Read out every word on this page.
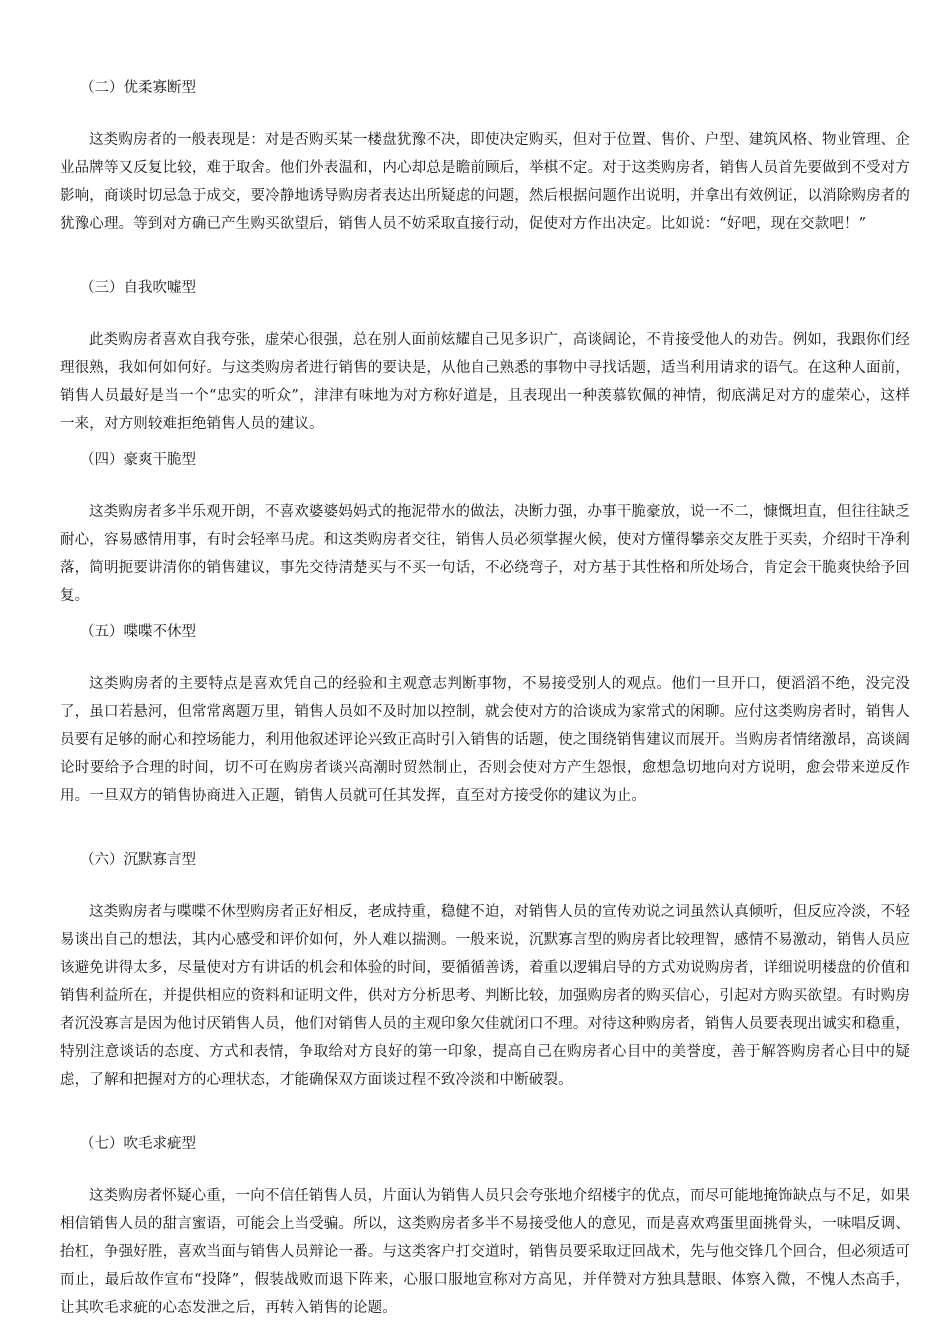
（二）优柔寡断型

这类购房者的一般表现是：对是否购买某一楼盘犹豫不决，即使决定购买，但对于位置、售价、户型、建筑风格、物业管理、企业品牌等又反复比较，难于取舍。他们外表温和，内心却总是瞻前顾后，举棋不定。对于这类购房者，销售人员首先要做到不受对方影响，商谈时切忌急于成交，要冷静地诱导购房者表达出所疑虑的问题，然后根据问题作出说明，并拿出有效例证，以消除购房者的犹豫心理。等到对方确已产生购买欲望后，销售人员不妨采取直接行动，促使对方作出决定。比如说：“好吧，现在交款吧！”

（三）自我吹嘘型

此类购房者喜欢自我夸张，虚荣心很强，总在别人面前炫耀自己见多识广，高谈阔论，不肯接受他人的劝告。例如，我跟你们经理很熟，我如何如何好。与这类购房者进行销售的要诀是，从他自己熟悉的事物中寻找话题，适当利用请求的语气。在这种人面前，销售人员最好是当一个“忠实的听众”，津津有味地为对方称好道是，且表现出一种羡慕钦佩的神情，彻底满足对方的虚荣心，这样一来，对方则较难拒绝销售人员的建议。

（四）豪爽干脆型

这类购房者多半乐观开朗，不喜欢婆婆妈妈式的拖泥带水的做法，决断力强，办事干脆豪放，说一不二，慷慨坦直，但往往缺乏耐心，容易感情用事，有时会轻率马虎。和这类购房者交往，销售人员必须掌握火候，使对方懂得攀亲交友胜于买卖，介绍时干净利落，简明扼要讲清你的销售建议，事先交待清楚买与不买一句话，不必绕弯子，对方基于其性格和所处场合，肯定会干脆爽快给予回复。

（五）喋喋不休型

这类购房者的主要特点是喜欢凭自己的经验和主观意志判断事物，不易接受别人的观点。他们一旦开口，便滔滔不绝，没完没了，虽口若悬河，但常常离题万里，销售人员如不及时加以控制，就会使对方的洽谈成为家常式的闲聊。应付这类购房者时，销售人员要有足够的耐心和控场能力，利用他叙述评论兴致正高时引入销售的话题，使之围绕销售建议而展开。当购房者情绪激昂，高谈阔论时要给予合理的时间，切不可在购房者谈兴高潮时贸然制止，否则会使对方产生怨恨，愈想急切地向对方说明，愈会带来逆反作用。一旦双方的销售协商进入正题，销售人员就可任其发挥，直至对方接受你的建议为止。

（六）沉默寡言型

这类购房者与喋喋不休型购房者正好相反，老成持重，稳健不迫，对销售人员的宣传劝说之词虽然认真倾听，但反应冷淡，不轻易谈出自己的想法，其内心感受和评价如何，外人难以揣测。一般来说，沉默寡言型的购房者比较理智，感情不易激动，销售人员应该避免讲得太多，尽量使对方有讲话的机会和体验的时间，要循循善诱，着重以逻辑启导的方式劝说购房者，详细说明楼盘的价值和销售利益所在，并提供相应的资料和证明文件，供对方分析思考、判断比较，加强购房者的购买信心，引起对方购买欲望。有时购房者沉没寡言是因为他讨厌销售人员，他们对销售人员的主观印象欠佳就闭口不理。对待这种购房者，销售人员要表现出诚实和稳重，特别注意谈话的态度、方式和表情，争取给对方良好的第一印象，提高自己在购房者心目中的美誉度，善于解答购房者心目中的疑虑，了解和把握对方的心理状态，才能确保双方面谈过程不致冷淡和中断破裂。

（七）吹毛求疵型

这类购房者怀疑心重，一向不信任销售人员，片面认为销售人员只会夸张地介绍楼宇的优点，而尽可能地掩饰缺点与不足，如果相信销售人员的甜言蜜语，可能会上当受骗。所以，这类购房者多半不易接受他人的意见，而是喜欢鸡蛋里面挑骨头，一味唱反调、抬杠，争强好胜，喜欢当面与销售人员辩论一番。与这类客户打交道时，销售员要采取迂回战术，先与他交锋几个回合，但必须适可而止，最后故作宣布“投降”，假装战败而退下阵来，心服口服地宣称对方高见，并佯赞对方独具慧眼、体察入微，不愧人杰高手，让其吹毛求疵的心态发泄之后，再转入销售的论题。
